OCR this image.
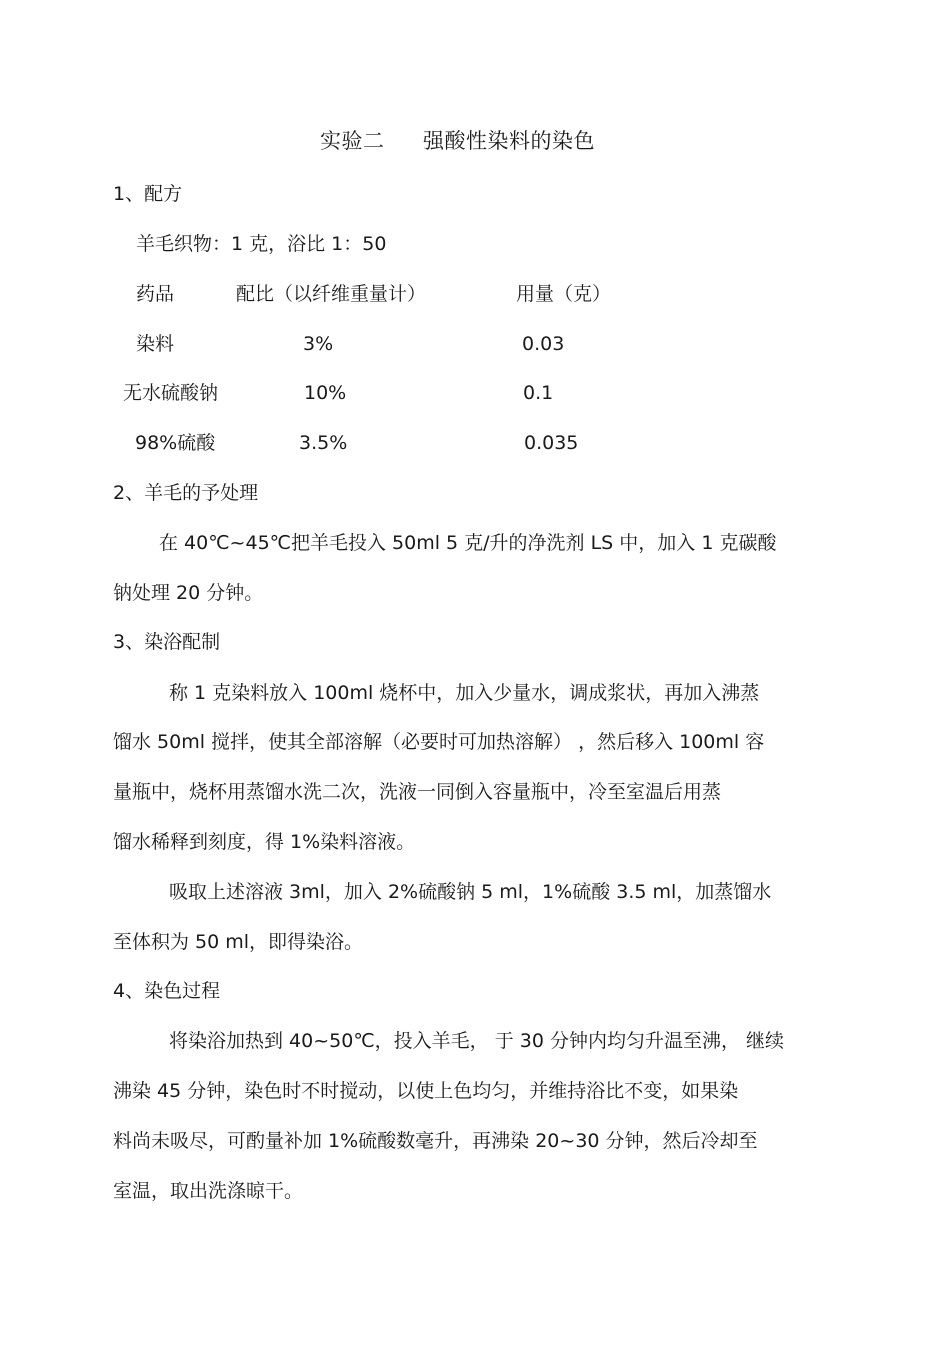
实验二 强酸性染料的染色
1、配方
羊毛织物：1 克，浴比 1：50
药品	配比（以纤维重量计）	用量（克）
染料	3%	0.03
无水硫酸钠	10%	0.1
98%硫酸	3.5%	0.035
2、羊毛的予处理
在 40℃~45℃把羊毛投入 50ml 5 克/升的净洗剂 LS 中，加入 1 克碳酸
钠处理 20 分钟。
3、染浴配制
称 1 克染料放入 100ml 烧杯中，加入少量水，调成浆状，再加入沸蒸
馏水 50ml 搅拌，使其全部溶解（必要时可加热溶解） ，然后移入 100ml 容
量瓶中，烧杯用蒸馏水洗二次，洗液一同倒入容量瓶中，冷至室温后用蒸
馏水稀释到刻度，得 1%染料溶液。
吸取上述溶液 3ml，加入 2%硫酸钠 5 ml，1%硫酸 3.5 ml，加蒸馏水
至体积为 50 ml，即得染浴。
4、染色过程
将染浴加热到 40~50℃，投入羊毛， 于 30 分钟内均匀升温至沸， 继续
沸染 45 分钟，染色时不时搅动，以使上色均匀，并维持浴比不变，如果染
料尚未吸尽，可酌量补加 1%硫酸数毫升，再沸染 20~30 分钟，然后冷却至
室温，取出洗涤晾干。
